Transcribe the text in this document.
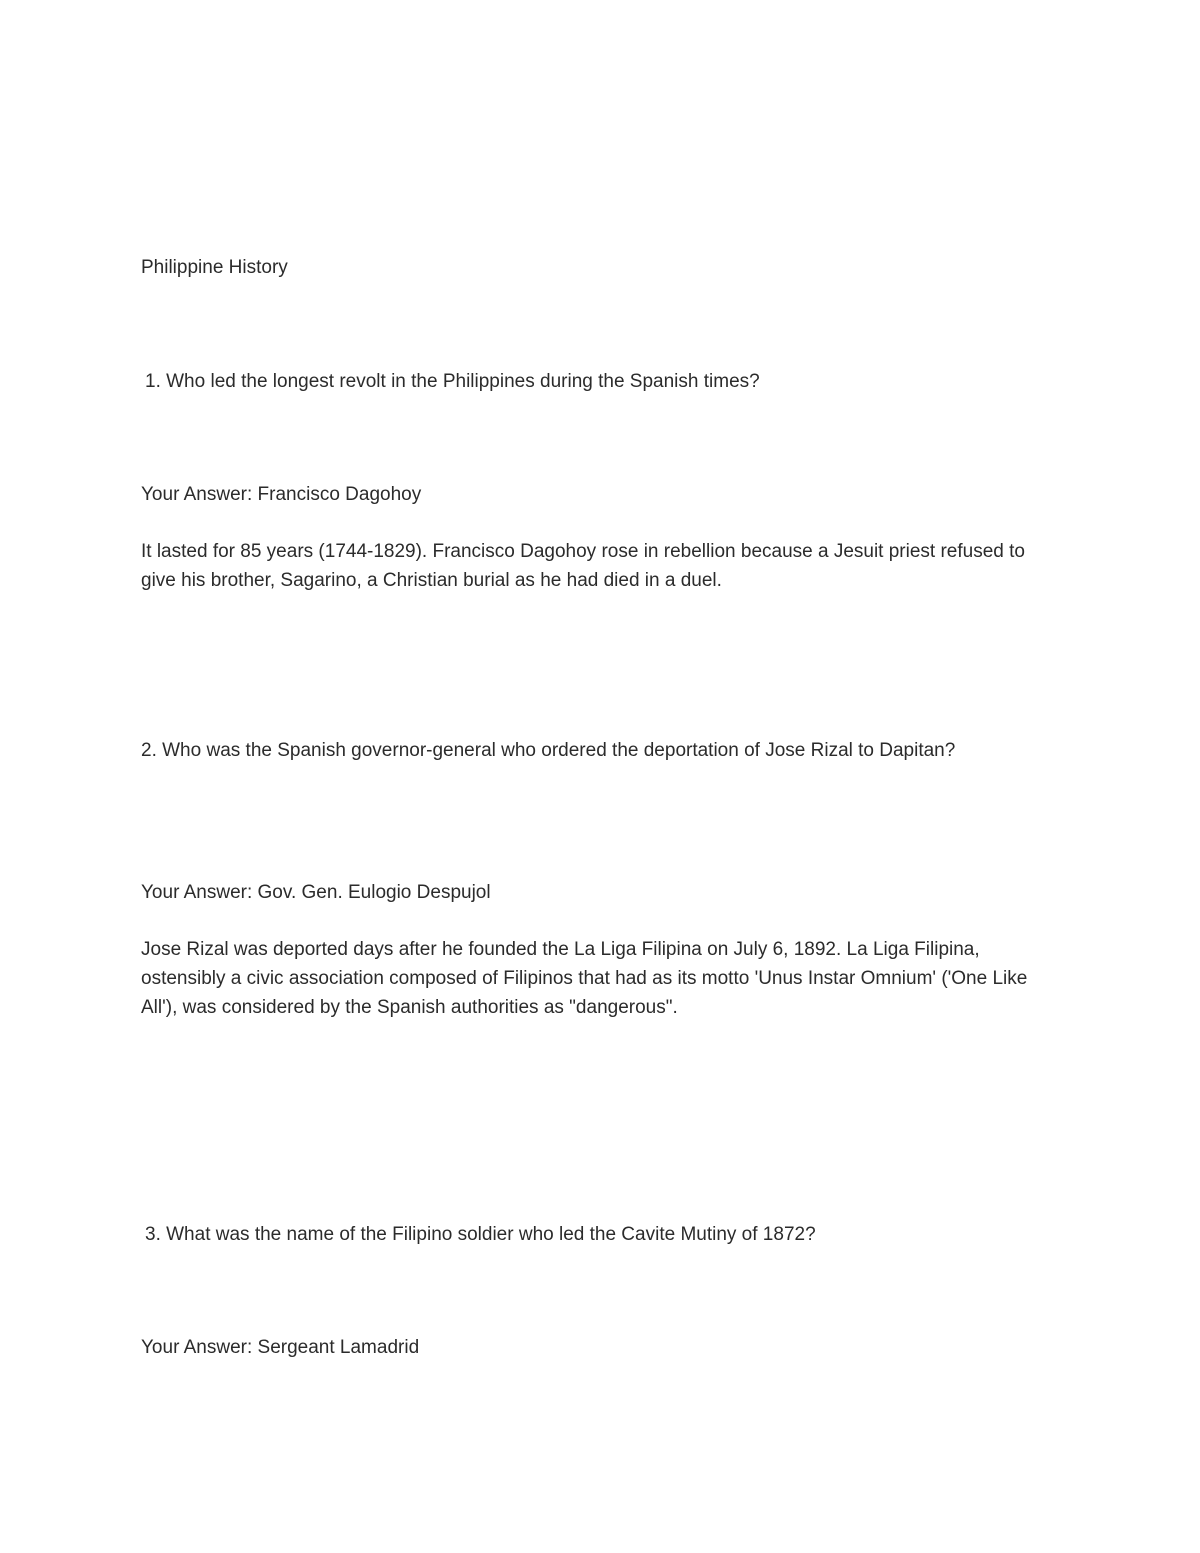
Philippine History

1. Who led the longest revolt in the Philippines during the Spanish times?

Your Answer: Francisco Dagohoy

It lasted for 85 years (1744-1829). Francisco Dagohoy rose in rebellion because a Jesuit priest refused to give his brother, Sagarino, a Christian burial as he had died in a duel.

2. Who was the Spanish governor-general who ordered the deportation of Jose Rizal to Dapitan?

Your Answer: Gov. Gen. Eulogio Despujol

Jose Rizal was deported days after he founded the La Liga Filipina on July 6, 1892. La Liga Filipina, ostensibly a civic association composed of Filipinos that had as its motto 'Unus Instar Omnium' ('One Like All'), was considered by the Spanish authorities as "dangerous".

3. What was the name of the Filipino soldier who led the Cavite Mutiny of 1872?

Your Answer: Sergeant Lamadrid
